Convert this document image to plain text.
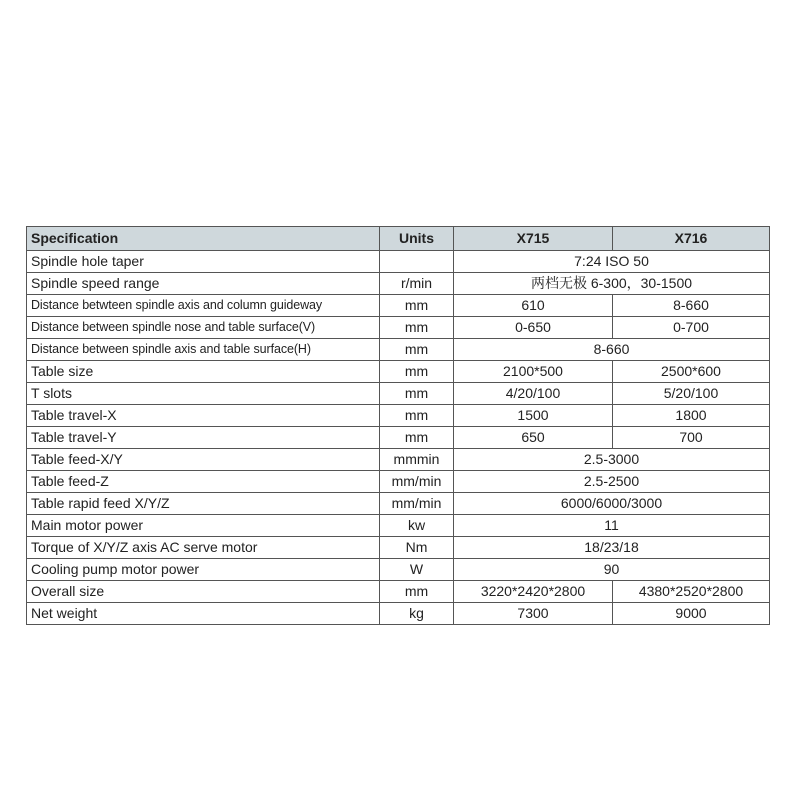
Specification	Units	X715	X716
Spindle hole taper		7:24 ISO 50	
Spindle speed range	r/min	两档无极 6-300，30-1500	
Distance betwteen spindle axis and column guideway	mm	610	8-660
Distance between spindle nose and table surface(V)	mm	0-650	0-700
Distance between spindle axis and table surface(H)	mm	8-660	
Table size	mm	2100*500	2500*600
T slots	mm	4/20/100	5/20/100
Table travel-X	mm	1500	1800
Table travel-Y	mm	650	700
Table feed-X/Y	mmmin	2.5-3000	
Table feed-Z	mm/min	2.5-2500	
Table rapid feed X/Y/Z	mm/min	6000/6000/3000	
Main motor power	kw	11	
Torque of X/Y/Z axis AC serve motor	Nm	18/23/18	
Cooling pump motor power	W	90	
Overall size	mm	3220*2420*2800	4380*2520*2800
Net weight	kg	7300	9000
